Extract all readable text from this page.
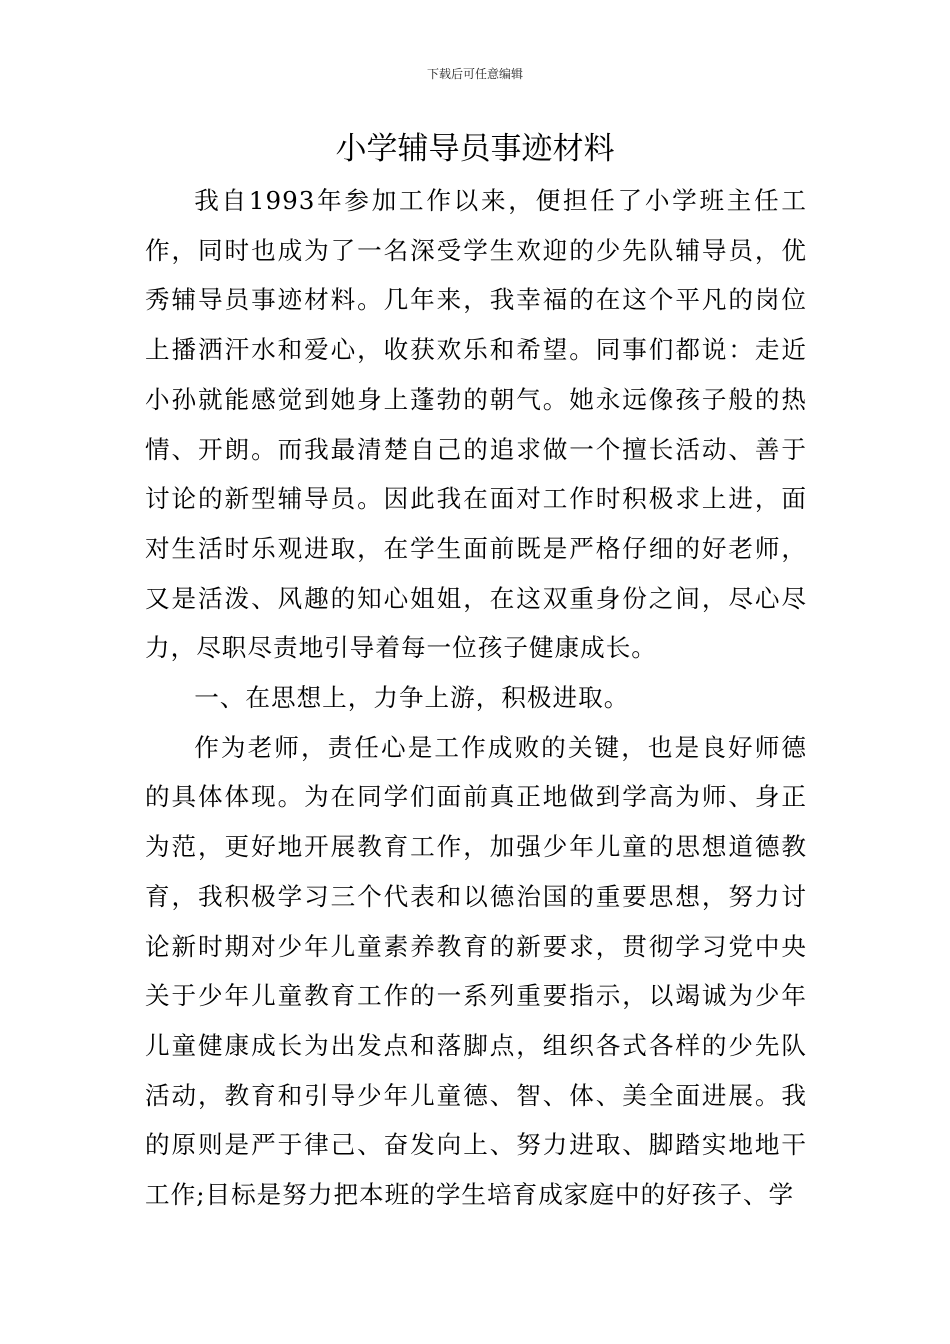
下载后可任意编辑
小学辅导员事迹材料

我自1993年参加工作以来，便担任了小学班主任工作，同时也成为了一名深受学生欢迎的少先队辅导员，优秀辅导员事迹材料。几年来，我幸福的在这个平凡的岗位上播洒汗水和爱心，收获欢乐和希望。同事们都说：走近小孙就能感觉到她身上蓬勃的朝气。她永远像孩子般的热情、开朗。而我最清楚自己的追求做一个擅长活动、善于讨论的新型辅导员。因此我在面对工作时积极求上进，面对生活时乐观进取，在学生面前既是严格仔细的好老师，又是活泼、风趣的知心姐姐，在这双重身份之间，尽心尽力，尽职尽责地引导着每一位孩子健康成长。

一、在思想上，力争上游，积极进取。

作为老师，责任心是工作成败的关键，也是良好师德的具体体现。为在同学们面前真正地做到学高为师、身正为范，更好地开展教育工作，加强少年儿童的思想道德教育，我积极学习三个代表和以德治国的重要思想，努力讨论新时期对少年儿童素养教育的新要求，贯彻学习党中央关于少年儿童教育工作的一系列重要指示，以竭诚为少年儿童健康成长为出发点和落脚点，组织各式各样的少先队活动，教育和引导少年儿童德、智、体、美全面进展。我的原则是严于律己、奋发向上、努力进取、脚踏实地地干工作;目标是努力把本班的学生培育成家庭中的好孩子、学
